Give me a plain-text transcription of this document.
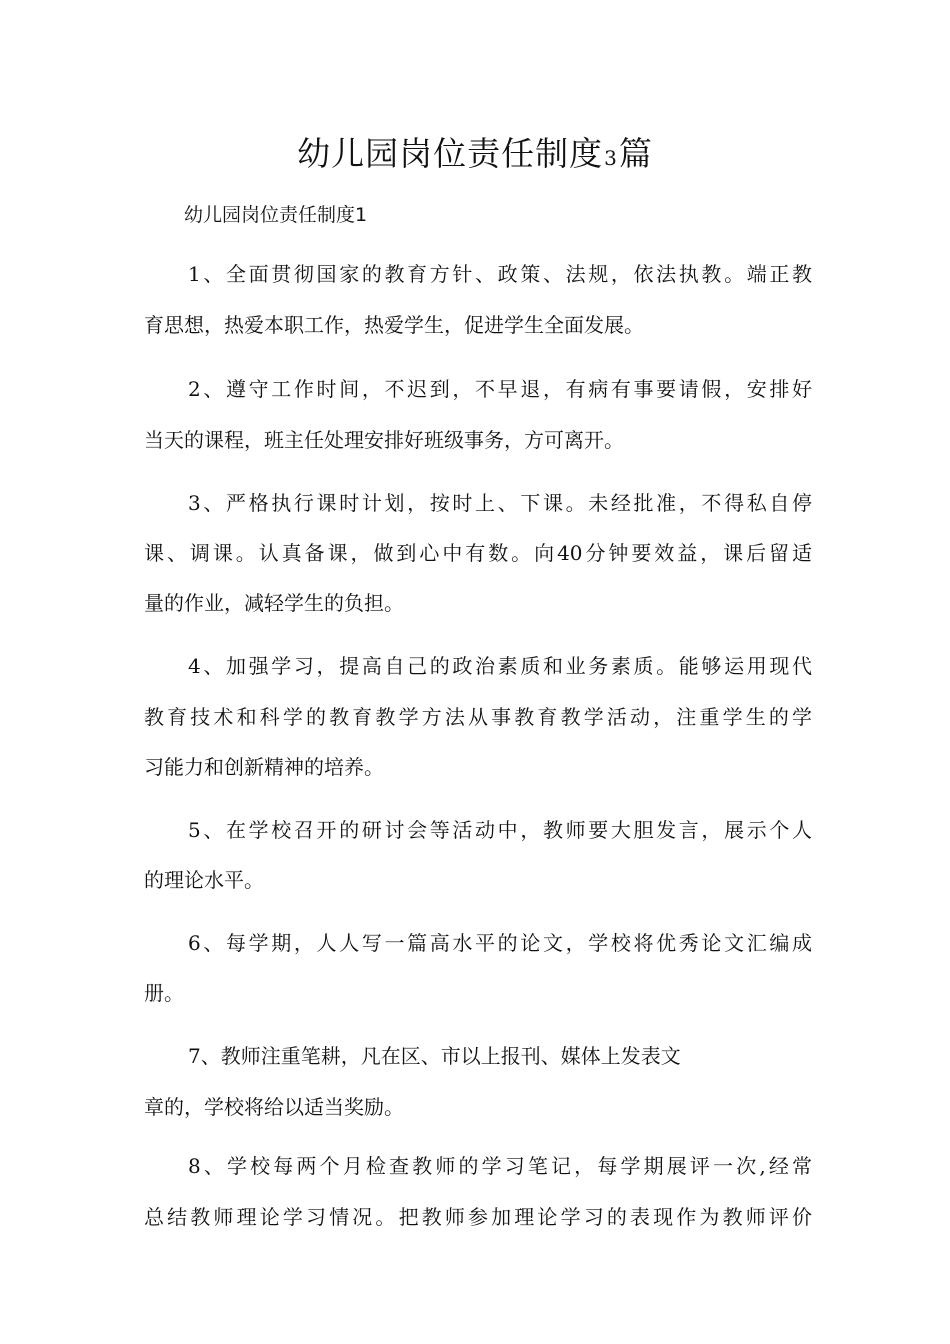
幼儿园岗位责任制度3篇
幼儿园岗位责任制度1
1、全面贯彻国家的教育方针、政策、法规，依法执教。端正教
育思想，热爱本职工作，热爱学生，促进学生全面发展。
2、遵守工作时间，不迟到，不早退，有病有事要请假，安排好
当天的课程，班主任处理安排好班级事务，方可离开。
3、严格执行课时计划，按时上、下课。未经批准，不得私自停
课、调课。认真备课，做到心中有数。向40分钟要效益，课后留适
量的作业，减轻学生的负担。
4、加强学习，提高自己的政治素质和业务素质。能够运用现代
教育技术和科学的教育教学方法从事教育教学活动，注重学生的学
习能力和创新精神的培养。
5、在学校召开的研讨会等活动中，教师要大胆发言，展示个人
的理论水平。
6、每学期，人人写一篇高水平的论文，学校将优秀论文汇编成
册。
7、教师注重笔耕，凡在区、市以上报刊、媒体上发表文
章的，学校将给以适当奖励。
8、学校每两个月检查教师的学习笔记，每学期展评一次,经常
总结教师理论学习情况。把教师参加理论学习的表现作为教师评价
